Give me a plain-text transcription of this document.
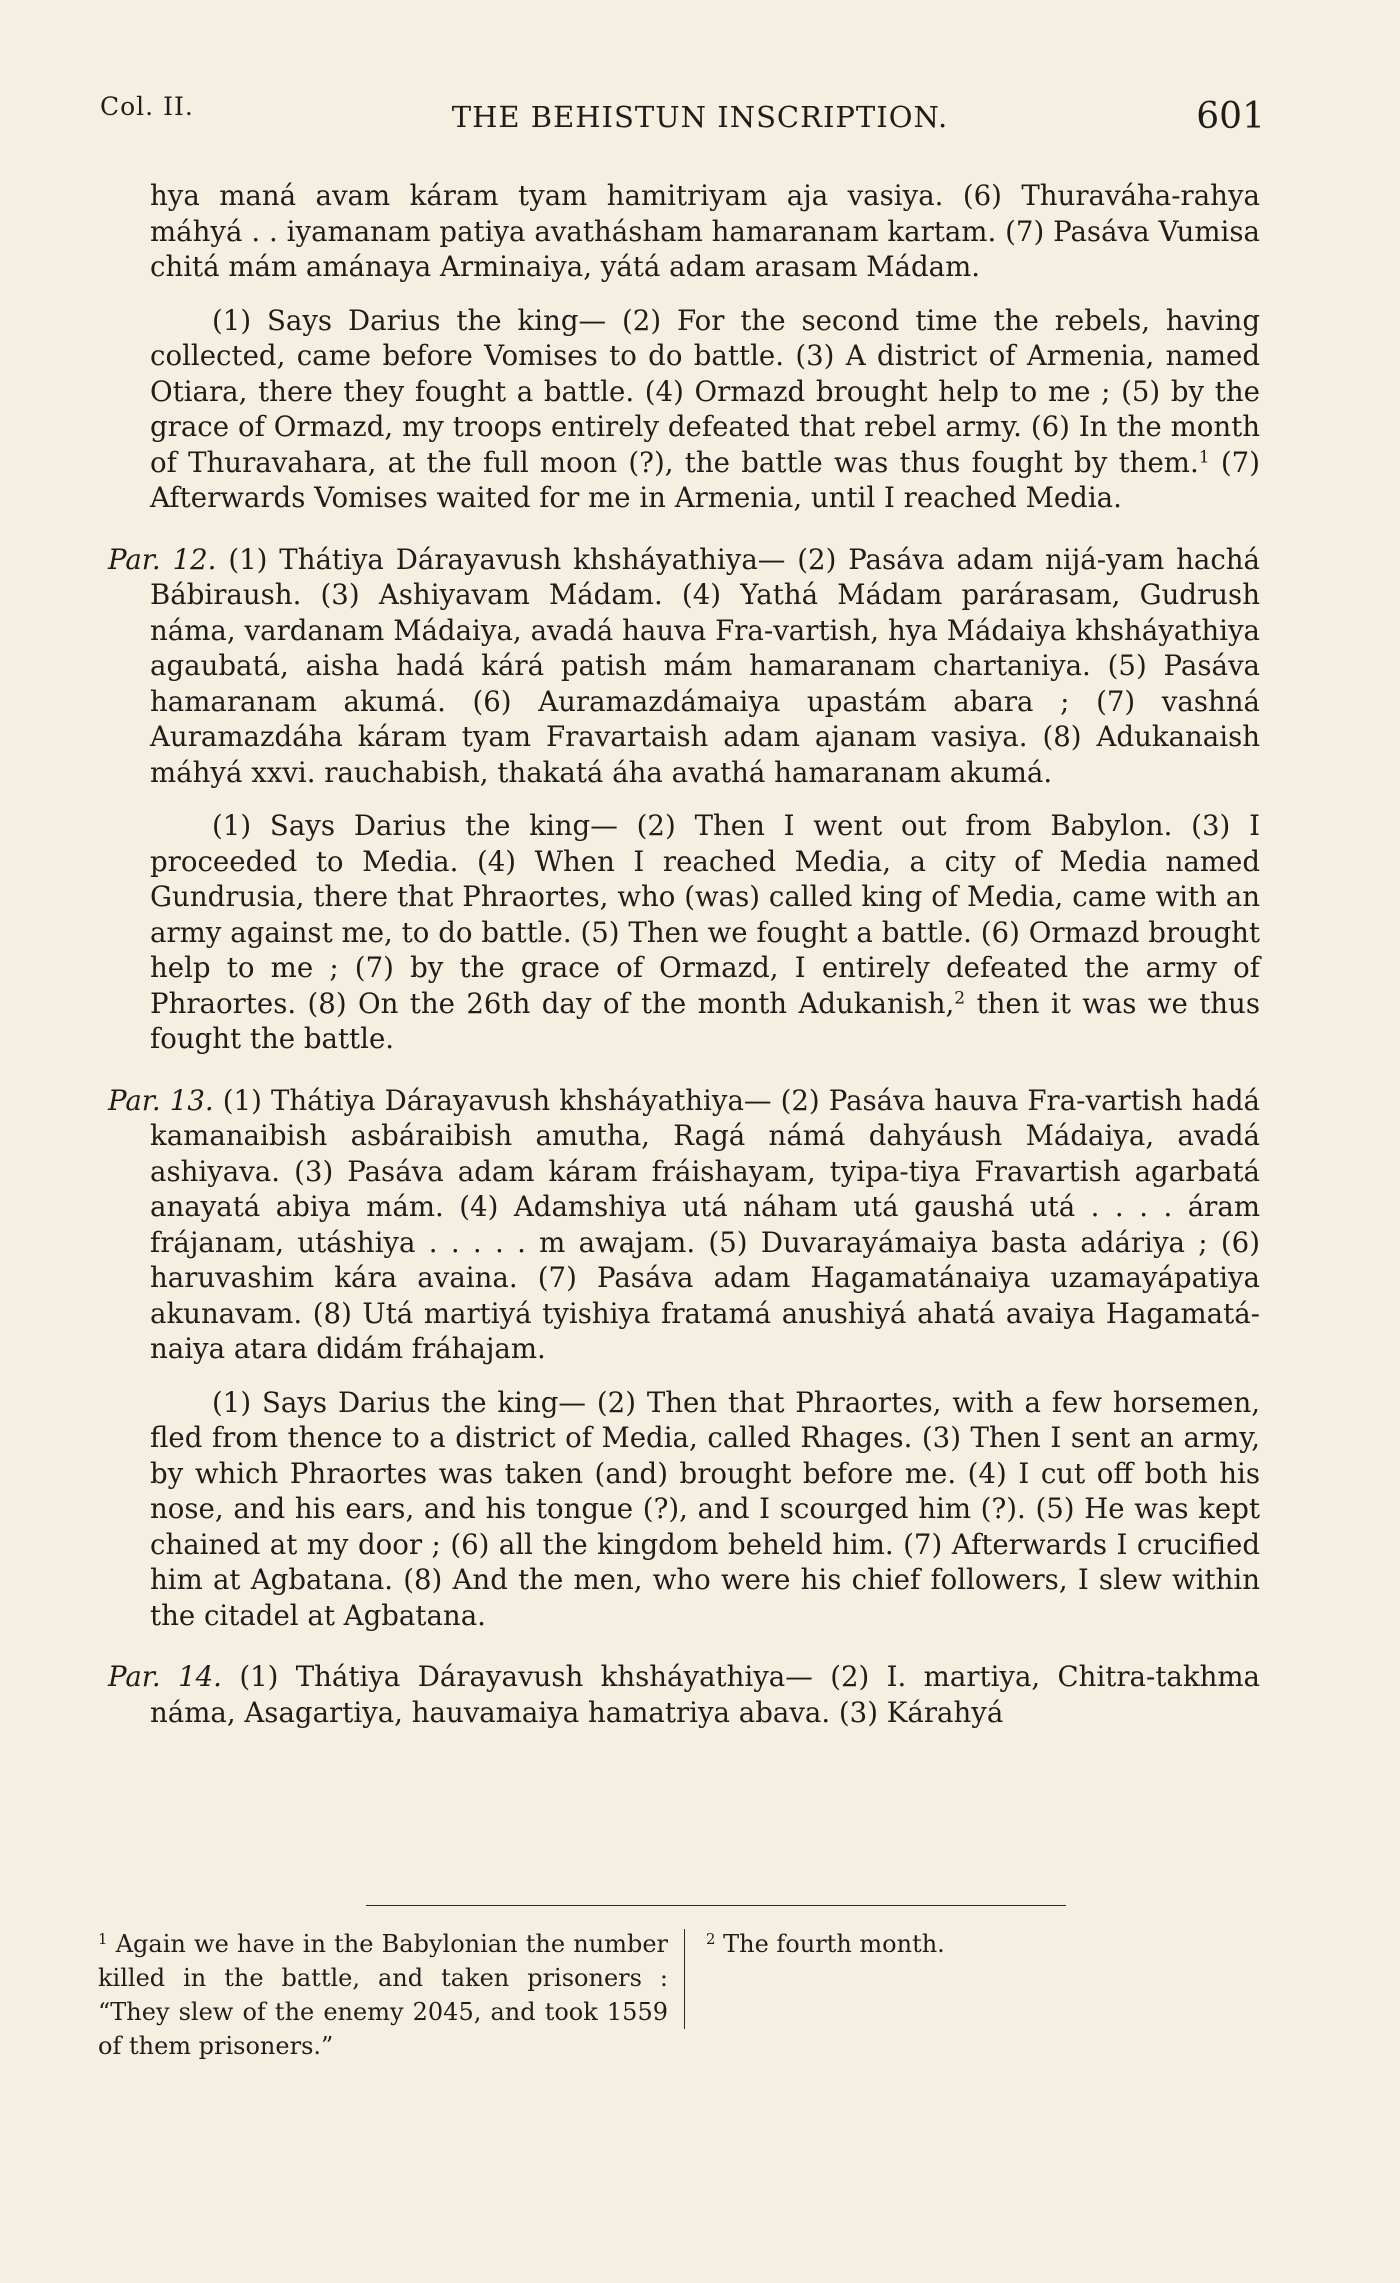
Col. II.	THE BEHISTUN INSCRIPTION.	601

hya maná avam káram tyam hamitriyam aja vasiya. (6) Thuraváha-rahya máhyá . . iyamanam patiya avathásham hamaranam kartam. (7) Pasáva Vumisa chitá mám amánaya Arminaiya, yátá adam arasam Mádam.

(1) Says Darius the king— (2) For the second time the rebels, having collected, came before Vomises to do battle. (3) A district of Armenia, named Otiara, there they fought a battle. (4) Ormazd brought help to me ; (5) by the grace of Ormazd, my troops entirely defeated that rebel army. (6) In the month of Thuravahara, at the full moon (?), the battle was thus fought by them.$^1$ (7) Afterwards Vomises waited for me in Armenia, until I reached Media.

Par. 12. (1) Thátiya Dárayavush khsháyathiya— (2) Pasáva adam nijá-yam hachá Bábiraush. (3) Ashiyavam Mádam. (4) Yathá Mádam parárasam, Gudrush náma, vardanam Mádaiya, avadá hauva Fra-vartish, hya Mádaiya khsháyathiya agaubatá, aisha hadá kárá patish mám hamaranam chartaniya. (5) Pasáva hamaranam akumá. (6) Auramazdámaiya upastám abara ; (7) vashná Auramazdáha káram tyam Fravartaish adam ajanam vasiya. (8) Adukanaish máhyá xxvi. rauchabish, thakatá áha avathá hamaranam akumá.

(1) Says Darius the king— (2) Then I went out from Babylon. (3) I proceeded to Media. (4) When I reached Media, a city of Media named Gundrusia, there that Phraortes, who (was) called king of Media, came with an army against me, to do battle. (5) Then we fought a battle. (6) Ormazd brought help to me ; (7) by the grace of Ormazd, I entirely defeated the army of Phraortes. (8) On the 26th day of the month Adukanish,$^2$ then it was we thus fought the battle.

Par. 13. (1) Thátiya Dárayavush khsháyathiya— (2) Pasáva hauva Fra-vartish hadá kamanaibish asbáraibish amutha, Ragá námá dahyáush Mádaiya, avadá ashiyava. (3) Pasáva adam káram fráishayam, tyipa-tiya Fravartish agarbatá anayatá abiya mám. (4) Adamshiya utá náham utá gaushá utá . . . . áram frájanam, utáshiya . . . . . m awajam. (5) Duvarayámaiya basta adáriya ; (6) haruvashim kára avaina. (7) Pasáva adam Hagamatánaiya uzamayápatiya akunavam. (8) Utá martiyá tyishiya fratamá anushiyá ahatá avaiya Hagamatá-naiya atara didám fráhajam.

(1) Says Darius the king— (2) Then that Phraortes, with a few horsemen, fled from thence to a district of Media, called Rhages. (3) Then I sent an army, by which Phraortes was taken (and) brought before me. (4) I cut off both his nose, and his ears, and his tongue (?), and I scourged him (?). (5) He was kept chained at my door ; (6) all the kingdom beheld him. (7) Afterwards I crucified him at Agbatana. (8) And the men, who were his chief followers, I slew within the citadel at Agbatana.

Par. 14. (1) Thátiya Dárayavush khsháyathiya— (2) I. martiya, Chitra-takhma náma, Asagartiya, hauvamaiya hamatriya abava. (3) Kárahyá

$^1$ Again we have in the Babylonian the number killed in the battle, and taken prisoners : “They slew of the enemy 2045, and took 1559 of them prisoners.”
$^2$ The fourth month.
